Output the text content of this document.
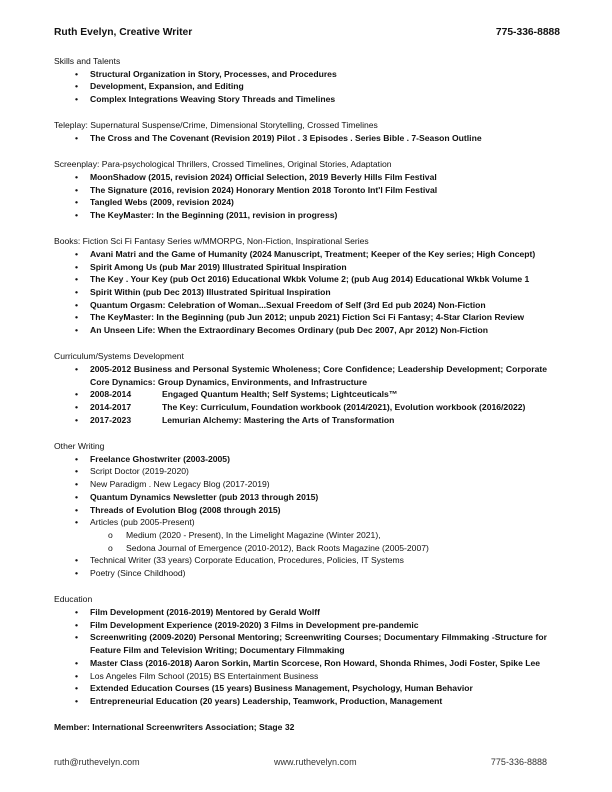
Ruth Evelyn, Creative Writer	775-336-8888
Skills and Talents
• Structural Organization in Story, Processes, and Procedures
• Development, Expansion, and Editing
• Complex Integrations Weaving Story Threads and Timelines
Teleplay: Supernatural Suspense/Crime, Dimensional Storytelling, Crossed Timelines
• The Cross and The Covenant (Revision 2019) Pilot . 3 Episodes . Series Bible . 7-Season Outline
Screenplay: Para-psychological Thrillers, Crossed Timelines, Original Stories, Adaptation
• MoonShadow (2015, revision 2024) Official Selection, 2019 Beverly Hills Film Festival
• The Signature (2016, revision 2024) Honorary Mention 2018 Toronto Int'l Film Festival
• Tangled Webs (2009, revision 2024)
• The KeyMaster: In the Beginning (2011, revision in progress)
Books: Fiction Sci Fi Fantasy Series w/MMORPG, Non-Fiction, Inspirational Series
• Avani Matri and the Game of Humanity (2024 Manuscript, Treatment; Keeper of the Key series; High Concept)
• Spirit Among Us (pub Mar 2019) Illustrated Spiritual Inspiration
• The Key . Your Key (pub Oct 2016) Educational Wkbk Volume 2; (pub Aug 2014) Educational Wkbk Volume 1
• Spirit Within (pub Dec 2013) Illustrated Spiritual Inspiration
• Quantum Orgasm: Celebration of Woman...Sexual Freedom of Self (3rd Ed pub 2024) Non-Fiction
• The KeyMaster: In the Beginning (pub Jun 2012; unpub 2021) Fiction Sci Fi Fantasy; 4-Star Clarion Review
• An Unseen Life: When the Extraordinary Becomes Ordinary (pub Dec 2007, Apr 2012) Non-Fiction
Curriculum/Systems Development
• 2005-2012 Business and Personal Systemic Wholeness; Core Confidence; Leadership Development; Corporate Core Dynamics: Group Dynamics, Environments, and Infrastructure
• 2008-2014	Engaged Quantum Health; Self Systems; Lightceuticals™
• 2014-2017	The Key: Curriculum, Foundation workbook (2014/2021), Evolution workbook (2016/2022)
• 2017-2023	Lemurian Alchemy: Mastering the Arts of Transformation
Other Writing
• Freelance Ghostwriter (2003-2005)
• Script Doctor (2019-2020)
• New Paradigm . New Legacy Blog (2017-2019)
• Quantum Dynamics Newsletter (pub 2013 through 2015)
• Threads of Evolution Blog (2008 through 2015)
• Articles (pub 2005-Present)
o Medium (2020 - Present), In the Limelight Magazine (Winter 2021),
o Sedona Journal of Emergence (2010-2012), Back Roots Magazine (2005-2007)
• Technical Writer (33 years) Corporate Education, Procedures, Policies, IT Systems
• Poetry (Since Childhood)
Education
• Film Development (2016-2019) Mentored by Gerald Wolff
• Film Development Experience (2019-2020) 3 Films in Development pre-pandemic
• Screenwriting (2009-2020) Personal Mentoring; Screenwriting Courses; Documentary Filmmaking -Structure for Feature Film and Television Writing; Documentary Filmmaking
• Master Class (2016-2018) Aaron Sorkin, Martin Scorcese, Ron Howard, Shonda Rhimes, Jodi Foster, Spike Lee
• Los Angeles Film School (2015) BS Entertainment Business
• Extended Education Courses (15 years) Business Management, Psychology, Human Behavior
• Entrepreneurial Education (20 years) Leadership, Teamwork, Production, Management
Member: International Screenwriters Association; Stage 32
ruth@ruthevelyn.com	www.ruthevelyn.com	775-336-8888
